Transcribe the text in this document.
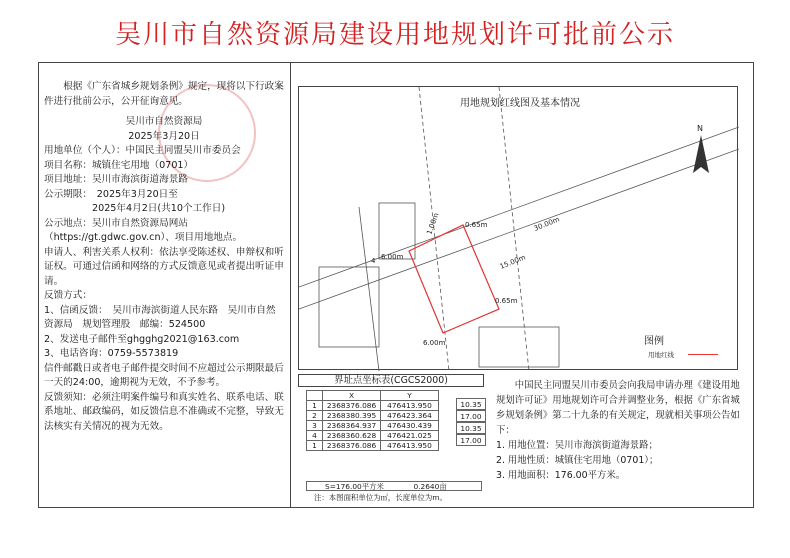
吴川市自然资源局建设用地规划许可批前公示

根据《广东省城乡规划条例》规定，现将以下行政案件进行批前公示，公开征询意见。

吴川市自然资源局

2025年3月20日

用地单位（个人）：中国民主同盟吴川市委员会

项目名称：城镇住宅用地（0701）

项目地址：吴川市海滨街道海景路

公示期限：　2025年3月20日至

2025年4月2日(共10个工作日)

公示地点：吴川市自然资源局网站（https://gt.gdwc.gov.cn）、项目用地地点。

申请人、利害关系人权利：依法享受陈述权、申辩权和听证权。可通过信函和网络的方式反馈意见或者提出听证申请。

反馈方式：

1、信函反馈：　吴川市海滨街道人民东路　吴川市自然资源局　规划管理股　邮编：524500

2、发送电子邮件至ghgghg2021@163.com

3、电话咨询：0759-5573819

信件邮戳日或者电子邮件提交时间不应超过公示期限最后一天的24:00，逾期视为无效，不予参考。

反馈须知：必须注明案件编号和真实姓名、联系电话、联系地址、邮政编码，如反馈信息不准确或不完整，导致无法核实有关情况的视为无效。

30.00m
15.00m
6.00m
0.65m
0.65m
6.00m
1.00m
4
N
用地规划红线图及基本情况
图例
用地红线
界址点坐标表(CGCS2000)
	X	Y
1	2368376.086	476413.950
2	2368380.395	476423.364
3	2368364.937	476430.439
4	2368360.628	476421.025
1	2368376.086	476413.950
10.35
17.00
10.35
17.00
S=176.00平方米　　　　0.2640亩
注：本图面积单位为㎡，长度单位为m。

中国民主同盟吴川市委员会向我局申请办理《建设用地规划许可证》用地规划许可合并调整业务，根据《广东省城乡规划条例》第二十九条的有关规定，现就相关事项公告如下：

1. 用地位置：吴川市海滨街道海景路；

2. 用地性质：城镇住宅用地（0701）；

3. 用地面积：176.00平方米。
